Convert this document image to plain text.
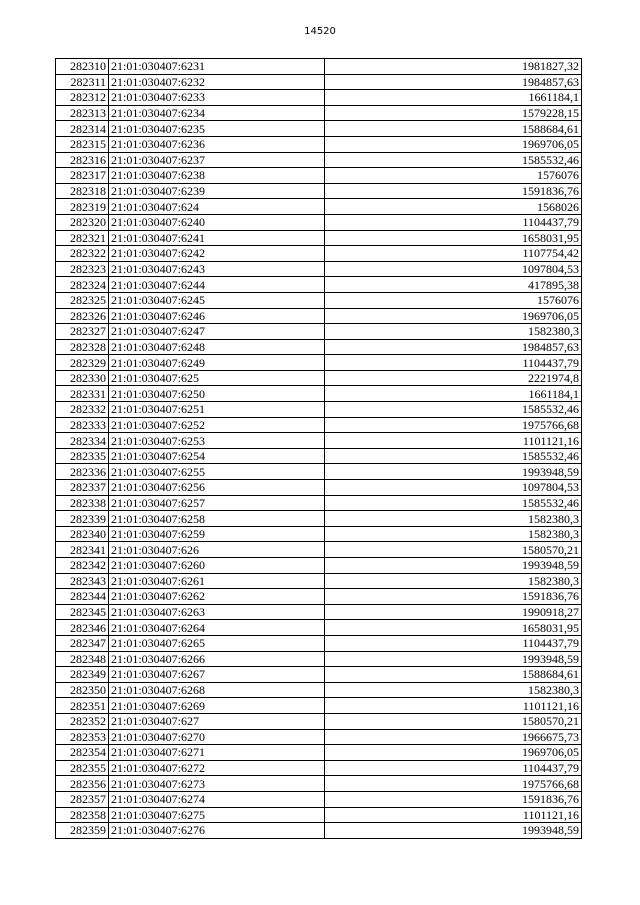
14520
282310	21:01:030407:6231	1981827,32
282311	21:01:030407:6232	1984857,63
282312	21:01:030407:6233	1661184,1
282313	21:01:030407:6234	1579228,15
282314	21:01:030407:6235	1588684,61
282315	21:01:030407:6236	1969706,05
282316	21:01:030407:6237	1585532,46
282317	21:01:030407:6238	1576076
282318	21:01:030407:6239	1591836,76
282319	21:01:030407:624	1568026
282320	21:01:030407:6240	1104437,79
282321	21:01:030407:6241	1658031,95
282322	21:01:030407:6242	1107754,42
282323	21:01:030407:6243	1097804,53
282324	21:01:030407:6244	417895,38
282325	21:01:030407:6245	1576076
282326	21:01:030407:6246	1969706,05
282327	21:01:030407:6247	1582380,3
282328	21:01:030407:6248	1984857,63
282329	21:01:030407:6249	1104437,79
282330	21:01:030407:625	2221974,8
282331	21:01:030407:6250	1661184,1
282332	21:01:030407:6251	1585532,46
282333	21:01:030407:6252	1975766,68
282334	21:01:030407:6253	1101121,16
282335	21:01:030407:6254	1585532,46
282336	21:01:030407:6255	1993948,59
282337	21:01:030407:6256	1097804,53
282338	21:01:030407:6257	1585532,46
282339	21:01:030407:6258	1582380,3
282340	21:01:030407:6259	1582380,3
282341	21:01:030407:626	1580570,21
282342	21:01:030407:6260	1993948,59
282343	21:01:030407:6261	1582380,3
282344	21:01:030407:6262	1591836,76
282345	21:01:030407:6263	1990918,27
282346	21:01:030407:6264	1658031,95
282347	21:01:030407:6265	1104437,79
282348	21:01:030407:6266	1993948,59
282349	21:01:030407:6267	1588684,61
282350	21:01:030407:6268	1582380,3
282351	21:01:030407:6269	1101121,16
282352	21:01:030407:627	1580570,21
282353	21:01:030407:6270	1966675,73
282354	21:01:030407:6271	1969706,05
282355	21:01:030407:6272	1104437,79
282356	21:01:030407:6273	1975766,68
282357	21:01:030407:6274	1591836,76
282358	21:01:030407:6275	1101121,16
282359	21:01:030407:6276	1993948,59
